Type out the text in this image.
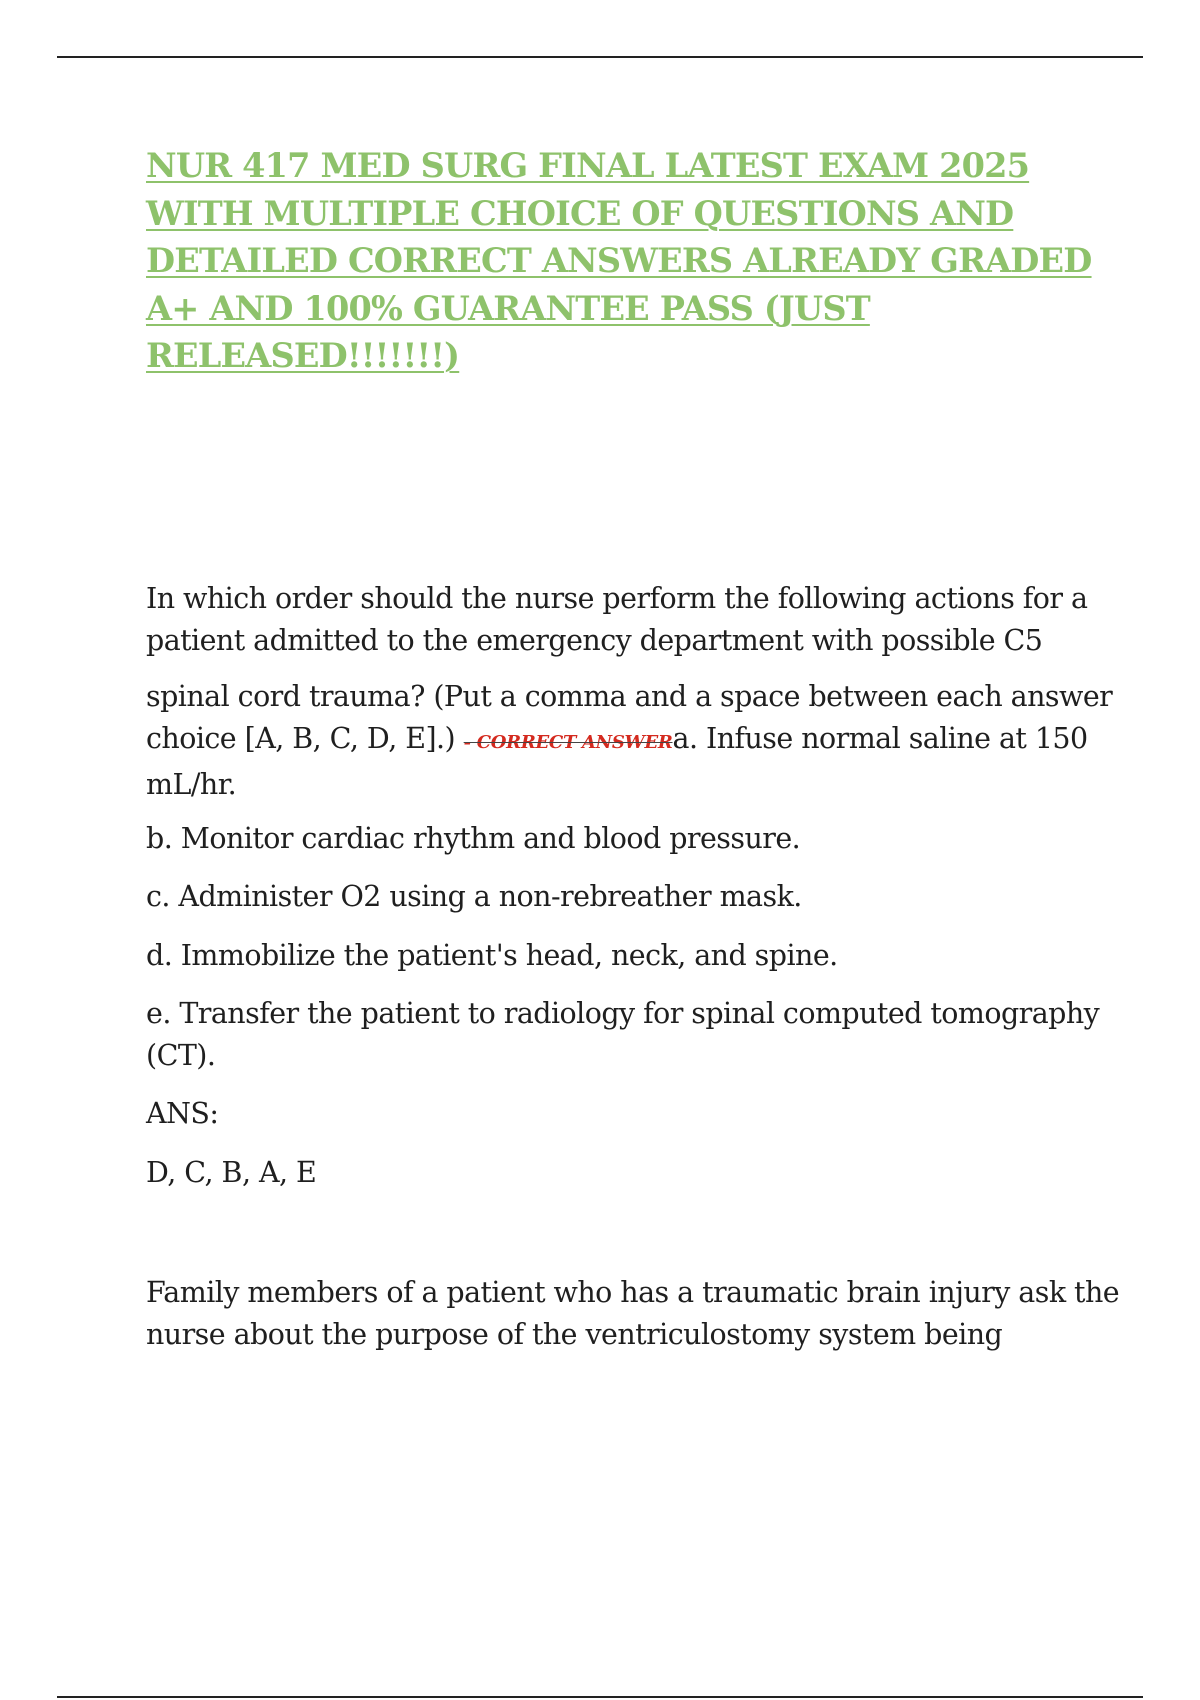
NUR 417 MED SURG FINAL LATEST EXAM 2025 WITH MULTIPLE CHOICE OF QUESTIONS AND DETAILED CORRECT ANSWERS ALREADY GRADED A+ AND 100% GUARANTEE PASS (JUST RELEASED!!!!!!!)

In which order should the nurse perform the following actions for a patient admitted to the emergency department with possible C5

spinal cord trauma? (Put a comma and a space between each answer choice [A, B, C, D, E].) - CORRECT ANSWERa. Infuse normal saline at 150 mL/hr.

b. Monitor cardiac rhythm and blood pressure.

c. Administer O2 using a non-rebreather mask.

d. Immobilize the patient's head, neck, and spine.

e. Transfer the patient to radiology for spinal computed tomography (CT).

ANS:

D, C, B, A, E

Family members of a patient who has a traumatic brain injury ask the nurse about the purpose of the ventriculostomy system being
